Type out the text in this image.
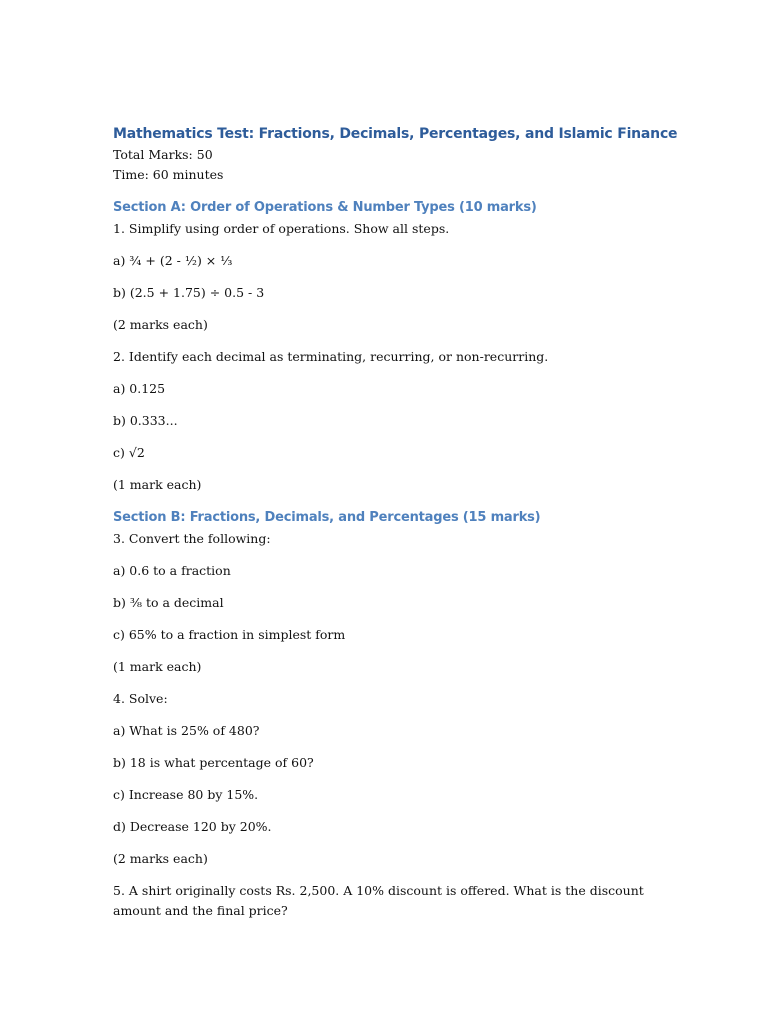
Mathematics Test: Fractions, Decimals, Percentages, and Islamic Finance

Total Marks: 50

Time: 60 minutes

Section A: Order of Operations & Number Types (10 marks)

1. Simplify using order of operations. Show all steps.

a) ¾ + (2 - ½) × ⅓

b) (2.5 + 1.75) ÷ 0.5 - 3

(2 marks each)

2. Identify each decimal as terminating, recurring, or non-recurring.

a) 0.125

b) 0.333...

c) √2

(1 mark each)

Section B: Fractions, Decimals, and Percentages (15 marks)

3. Convert the following:

a) 0.6 to a fraction

b) ⅜ to a decimal

c) 65% to a fraction in simplest form

(1 mark each)

4. Solve:

a) What is 25% of 480?

b) 18 is what percentage of 60?

c) Increase 80 by 15%.

d) Decrease 120 by 20%.

(2 marks each)

5. A shirt originally costs Rs. 2,500. A 10% discount is offered. What is the discount amount and the final price?
